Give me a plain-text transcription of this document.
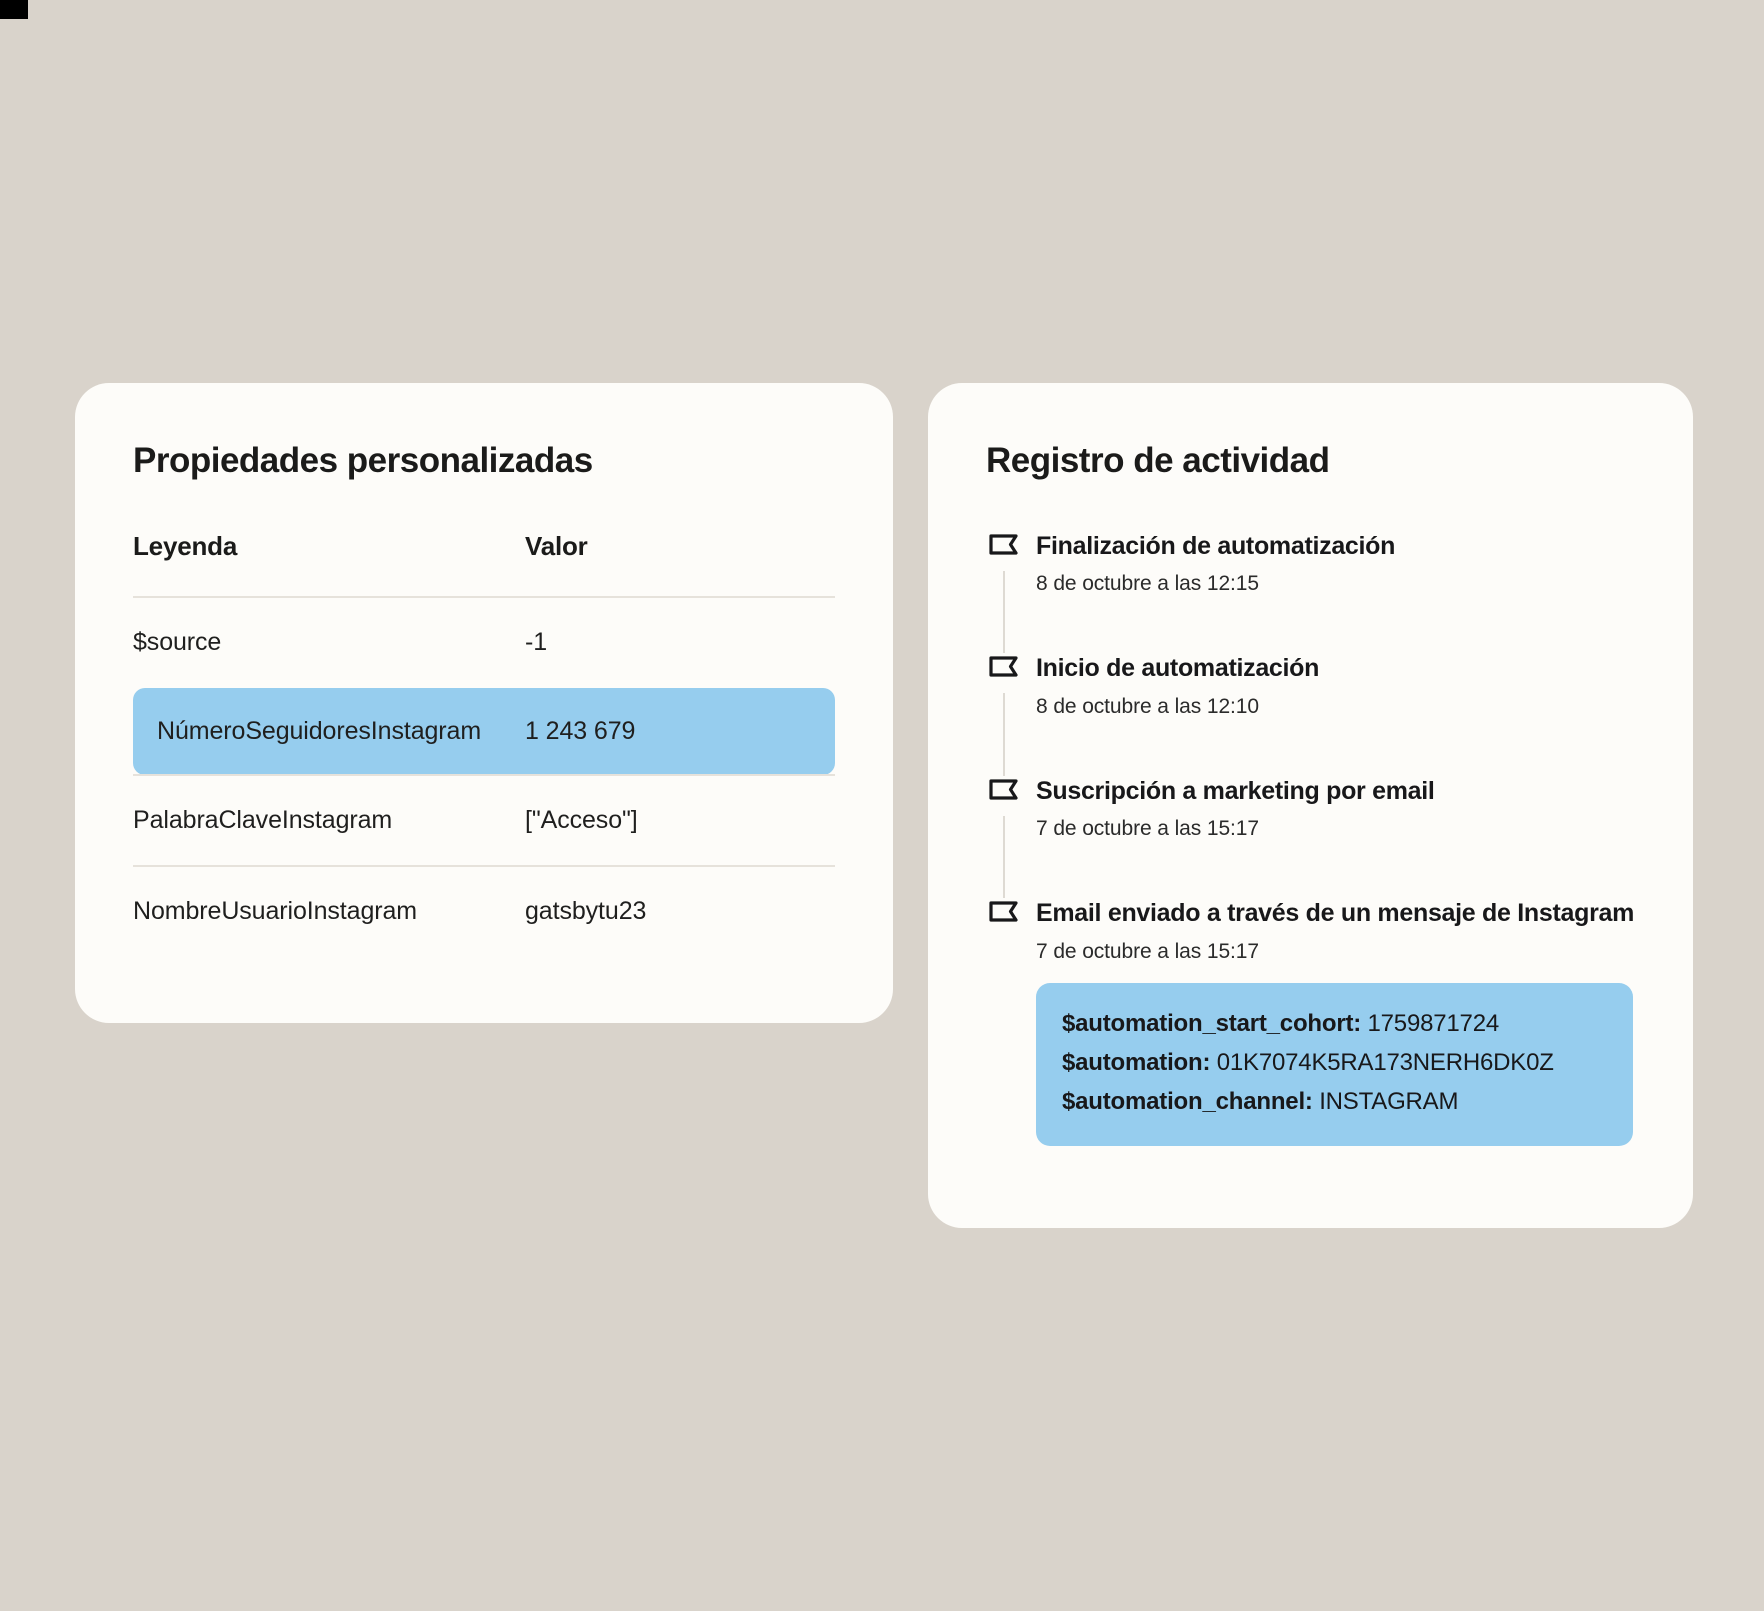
Propiedades personalizadas
Leyenda	Valor
$source	-1
NúmeroSeguidoresInstagram	1 243 679
PalabraClaveInstagram	["Acceso"]
NombreUsuarioInstagram	gatsbytu23
Registro de actividad
Finalización de automatización
8 de octubre a las 12:15
Inicio de automatización
8 de octubre a las 12:10
Suscripción a marketing por email
7 de octubre a las 15:17
Email enviado a través de un mensaje de Instagram
7 de octubre a las 15:17
$automation_start_cohort: 1759871724
$automation: 01K7074K5RA173NERH6DK0Z
$automation_channel: INSTAGRAM
